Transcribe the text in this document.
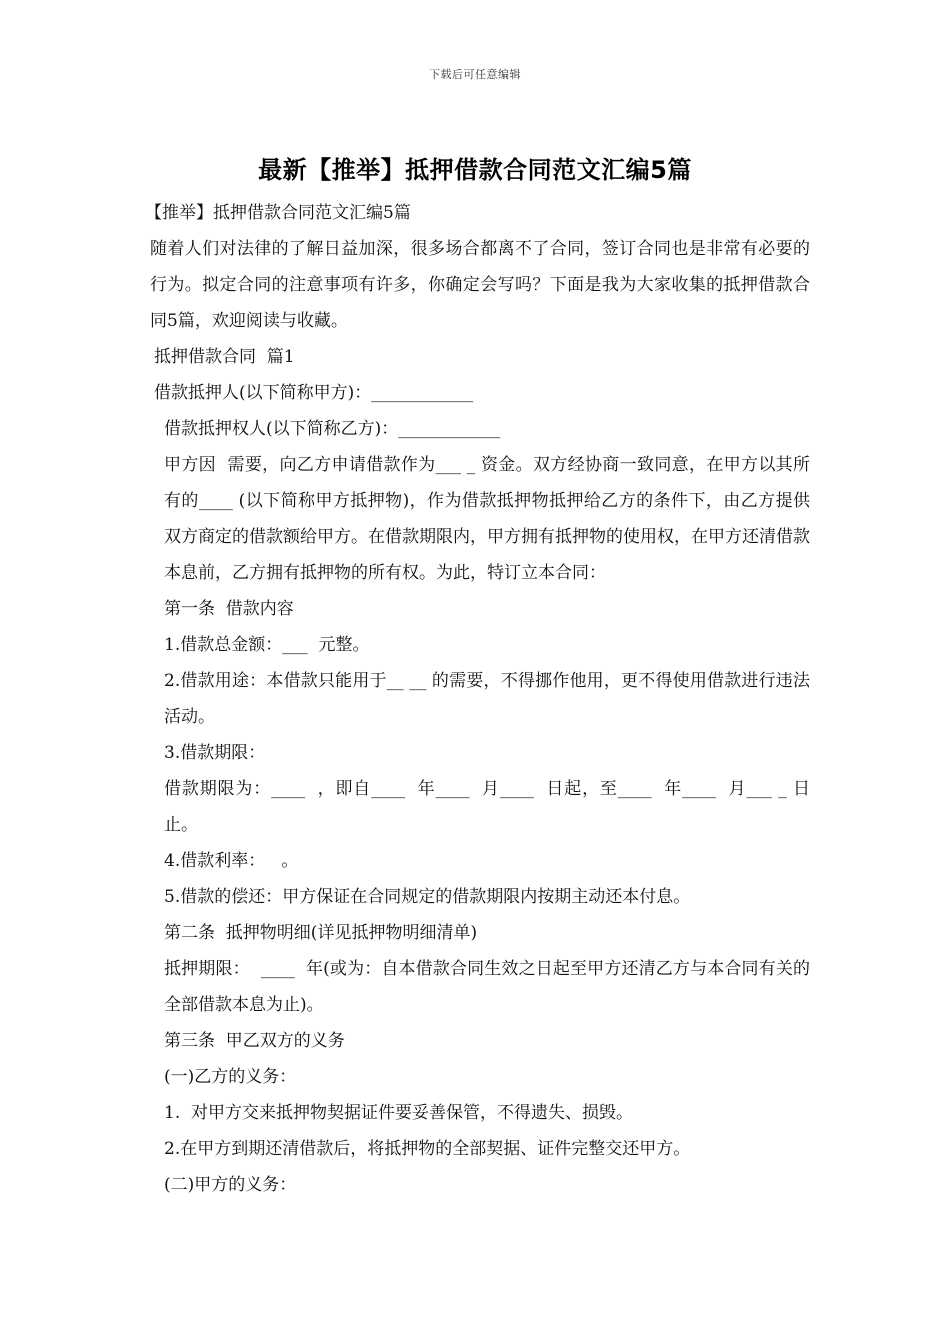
下载后可任意编辑
最新【推举】抵押借款合同范文汇编5篇

【推举】抵押借款合同范文汇编5篇

随着人们对法律的了解日益加深，很多场合都离不了合同，签订合同也是非常有必要的行为。拟定合同的注意事项有许多，你确定会写吗？下面是我为大家收集的抵押借款合同5篇，欢迎阅读与收藏。

抵押借款合同  篇1

借款抵押人(以下简称甲方)：____________

借款抵押权人(以下简称乙方)：____________

甲方因  需要，向乙方申请借款作为___ _ 资金。双方经协商一致同意，在甲方以其所有的____ (以下简称甲方抵押物)，作为借款抵押物抵押给乙方的条件下，由乙方提供双方商定的借款额给甲方。在借款期限内，甲方拥有抵押物的使用权，在甲方还清借款本息前，乙方拥有抵押物的所有权。为此，特订立本合同：

第一条  借款内容

1.借款总金额：___  元整。

2.借款用途：本借款只能用于__ __ 的需要，不得挪作他用，更不得使用借款进行违法活动。

3.借款期限：

借款期限为：____  ，即自____  年____  月____  日起，至____  年____  月___ _ 日止。

4.借款利率：   。

5.借款的偿还：甲方保证在合同规定的借款期限内按期主动还本付息。

第二条  抵押物明细(详见抵押物明细清单)

抵押期限：  ____  年(或为：自本借款合同生效之日起至甲方还清乙方与本合同有关的全部借款本息为止)。

第三条  甲乙双方的义务

(一)乙方的义务：

1.  对甲方交来抵押物契据证件要妥善保管，不得遗失、损毁。

2.在甲方到期还清借款后，将抵押物的全部契据、证件完整交还甲方。

(二)甲方的义务：
